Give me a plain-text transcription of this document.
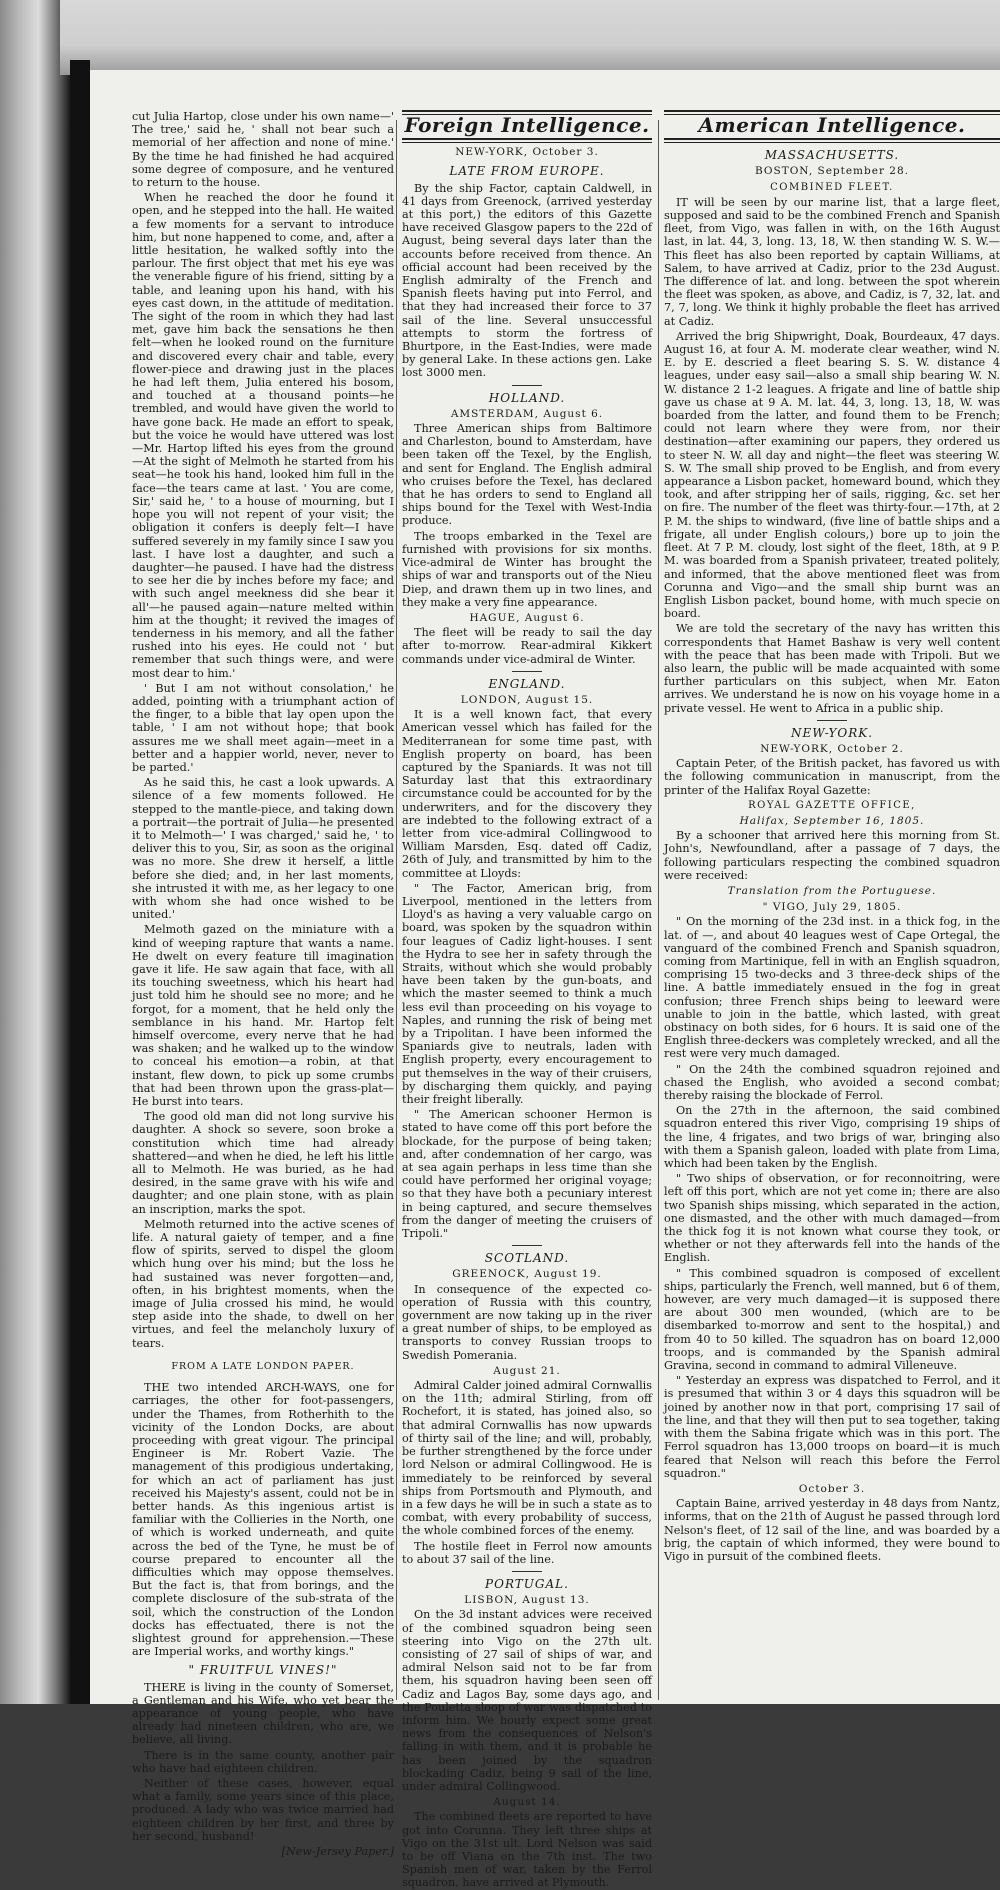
cut Julia Hartop, close under his own name—' The tree,' said he, ' shall not bear such a memorial of her affection and none of mine.' By the time he had finished he had acquired some degree of composure, and he ventured to return to the house.

When he reached the door he found it open, and he stepped into the hall. He waited a few moments for a servant to introduce him, but none happened to come, and, after a little hesitation, he walked softly into the parlour. The first object that met his eye was the venerable figure of his friend, sitting by a table, and leaning upon his hand, with his eyes cast down, in the attitude of meditation. The sight of the room in which they had last met, gave him back the sensations he then felt—when he looked round on the furniture and discovered every chair and table, every flower-piece and drawing just in the places he had left them, Julia entered his bosom, and touched at a thousand points—he trembled, and would have given the world to have gone back. He made an effort to speak, but the voice he would have uttered was lost—Mr. Hartop lifted his eyes from the ground —At the sight of Melmoth he started from his seat—he took his hand, looked him full in the face—the tears came at last. ' You are come, Sir,' said he, ' to a house of mourning, but I hope you will not repent of your visit; the obligation it confers is deeply felt—I have suffered severely in my family since I saw you last. I have lost a daughter, and such a daughter—he paused. I have had the distress to see her die by inches before my face; and with such angel meekness did she bear it all'—he paused again—nature melted within him at the thought; it revived the images of tenderness in his memory, and all the father rushed into his eyes. He could not ' but remember that such things were, and were most dear to him.'

' But I am not without consolation,' he added, pointing with a triumphant action of the finger, to a bible that lay open upon the table, ' I am not without hope; that book assures me we shall meet again—meet in a better and a happier world, never, never to be parted.'

As he said this, he cast a look upwards. A silence of a few moments followed. He stepped to the mantle-piece, and taking down a portrait—the portrait of Julia—he presented it to Melmoth—' I was charged,' said he, ' to deliver this to you, Sir, as soon as the original was no more. She drew it herself, a little before she died; and, in her last moments, she intrusted it with me, as her legacy to one with whom she had once wished to be united.'

Melmoth gazed on the miniature with a kind of weeping rapture that wants a name. He dwelt on every feature till imagination gave it life. He saw again that face, with all its touching sweetness, which his heart had just told him he should see no more; and he forgot, for a moment, that he held only the semblance in his hand. Mr. Hartop felt himself overcome, every nerve that he had was shaken; and he walked up to the window to conceal his emotion—a robin, at that instant, flew down, to pick up some crumbs that had been thrown upon the grass-plat—He burst into tears.

The good old man did not long survive his daughter. A shock so severe, soon broke a constitution which time had already shattered—and when he died, he left his little all to Melmoth. He was buried, as he had desired, in the same grave with his wife and daughter; and one plain stone, with as plain an inscription, marks the spot.

Melmoth returned into the active scenes of life. A natural gaiety of temper, and a fine flow of spirits, served to dispel the gloom which hung over his mind; but the loss he had sustained was never forgotten—and, often, in his brightest moments, when the image of Julia crossed his mind, he would step aside into the shade, to dwell on her virtues, and feel the melancholy luxury of tears.

FROM A LATE LONDON PAPER.

THE two intended ARCH-WAYS, one for carriages, the other for foot-passengers, under the Thames, from Rotherhith to the vicinity of the London Docks, are about proceeding with great vigour. The principal Engineer is Mr. Robert Vazie. The management of this prodigious undertaking, for which an act of parliament has just received his Majesty's assent, could not be in better hands. As this ingenious artist is familiar with the Collieries in the North, one of which is worked underneath, and quite across the bed of the Tyne, he must be of course prepared to encounter all the difficulties which may oppose themselves. But the fact is, that from borings, and the complete disclosure of the sub-strata of the soil, which the construction of the London docks has effectuated, there is not the slightest ground for apprehension.—These are Imperial works, and worthy kings."

" FRUITFUL VINES!"

THERE is living in the county of Somerset, a Gentleman and his Wife, who yet bear the appearance of young people, who have already had nineteen children, who are, we believe, all living.

There is in the same county, another pair who have had eighteen children.

Neither of these cases, however, equal what a family, some years since of this place, produced. A lady who was twice married had eighteen children by her first, and three by her second, husband!

[New-Jersey Paper.]
Foreign Intelligence.
NEW-YORK, October 3.
LATE FROM EUROPE.

By the ship Factor, captain Caldwell, in 41 days from Greenock, (arrived yesterday at this port,) the editors of this Gazette have received Glasgow papers to the 22d of August, being several days later than the accounts before received from thence. An official account had been received by the English admiralty of the French and Spanish fleets having put into Ferrol, and that they had increased their force to 37 sail of the line. Several unsuccessful attempts to storm the fortress of Bhurtpore, in the East-Indies, were made by general Lake. In these actions gen. Lake lost 3000 men.

HOLLAND.
AMSTERDAM, August 6.

Three American ships from Baltimore and Charleston, bound to Amsterdam, have been taken off the Texel, by the English, and sent for England. The English admiral who cruises before the Texel, has declared that he has orders to send to England all ships bound for the Texel with West-India produce.

The troops embarked in the Texel are furnished with provisions for six months. Vice-admiral de Winter has brought the ships of war and transports out of the Nieu Diep, and drawn them up in two lines, and they make a very fine appearance.

HAGUE, August 6.

The fleet will be ready to sail the day after to-morrow. Rear-admiral Kikkert commands under vice-admiral de Winter.

ENGLAND.
LONDON, August 15.

It is a well known fact, that every American vessel which has failed for the Mediterranean for some time past, with English property on board, has been captured by the Spaniards. It was not till Saturday last that this extraordinary circumstance could be accounted for by the underwriters, and for the discovery they are indebted to the following extract of a letter from vice-admiral Collingwood to William Marsden, Esq. dated off Cadiz, 26th of July, and transmitted by him to the committee at Lloyds:

" The Factor, American brig, from Liverpool, mentioned in the letters from Lloyd's as having a very valuable cargo on board, was spoken by the squadron within four leagues of Cadiz light-houses. I sent the Hydra to see her in safety through the Straits, without which she would probably have been taken by the gun-boats, and which the master seemed to think a much less evil than proceeding on his voyage to Naples, and running the risk of being met by a Tripolitan. I have been informed the Spaniards give to neutrals, laden with English property, every encouragement to put themselves in the way of their cruisers, by discharging them quickly, and paying their freight liberally.

" The American schooner Hermon is stated to have come off this port before the blockade, for the purpose of being taken; and, after condemnation of her cargo, was at sea again perhaps in less time than she could have performed her original voyage; so that they have both a pecuniary interest in being captured, and secure themselves from the danger of meeting the cruisers of Tripoli."

SCOTLAND.
GREENOCK, August 19.

In consequence of the expected co-operation of Russia with this country, government are now taking up in the river a great number of ships, to be employed as transports to convey Russian troops to Swedish Pomerania.

August 21.

Admiral Calder joined admiral Cornwallis on the 11th; admiral Stirling, from off Rochefort, it is stated, has joined also, so that admiral Cornwallis has now upwards of thirty sail of the line; and will, probably, be further strengthened by the force under lord Nelson or admiral Collingwood. He is immediately to be reinforced by several ships from Portsmouth and Plymouth, and in a few days he will be in such a state as to combat, with every probability of success, the whole combined forces of the enemy.

The hostile fleet in Ferrol now amounts to about 37 sail of the line.

PORTUGAL.
LISBON, August 13.

On the 3d instant advices were received of the combined squadron being seen steering into Vigo on the 27th ult. consisting of 27 sail of ships of war, and admiral Nelson said not to be far from them, his squadron having been seen off Cadiz and Lagos Bay, some days ago, and the Pouletta sloop of war was dispatched to inform him. We hourly expect some great news from the consequences of Nelson's falling in with them, and it is probable he has been joined by the squadron blockading Cadiz, being 9 sail of the line, under admiral Collingwood.

August 14.

The combined fleets are reported to have got into Corunna. They left three ships at Vigo on the 31st ult. Lord Nelson was said to be off Viana on the 7th inst. The two Spanish men of war, taken by the Ferrol squadron, have arrived at Plymouth.

American Intelligence.
MASSACHUSETTS.
BOSTON, September 28.
COMBINED FLEET.

IT will be seen by our marine list, that a large fleet, supposed and said to be the combined French and Spanish fleet, from Vigo, was fallen in with, on the 16th August last, in lat. 44, 3, long. 13, 18, W. then standing W. S. W.—This fleet has also been reported by captain Williams, at Salem, to have arrived at Cadiz, prior to the 23d August. The difference of lat. and long. between the spot wherein the fleet was spoken, as above, and Cadiz, is 7, 32, lat. and 7, 7, long. We think it highly probable the fleet has arrived at Cadiz.

Arrived the brig Shipwright, Doak, Bourdeaux, 47 days. August 16, at four A. M. moderate clear weather, wind N. E. by E. descried a fleet bearing S. S. W. distance 4 leagues, under easy sail—also a small ship bearing W. N. W. distance 2 1-2 leagues. A frigate and line of battle ship gave us chase at 9 A. M. lat. 44, 3, long. 13, 18, W. was boarded from the latter, and found them to be French; could not learn where they were from, nor their destination—after examining our papers, they ordered us to steer N. W. all day and night—the fleet was steering W. S. W. The small ship proved to be English, and from every appearance a Lisbon packet, homeward bound, which they took, and after stripping her of sails, rigging, &c. set her on fire. The number of the fleet was thirty-four.—17th, at 2 P. M. the ships to windward, (five line of battle ships and a frigate, all under English colours,) bore up to join the fleet. At 7 P. M. cloudy, lost sight of the fleet, 18th, at 9 P. M. was boarded from a Spanish privateer, treated politely, and informed, that the above mentioned fleet was from Corunna and Vigo—and the small ship burnt was an English Lisbon packet, bound home, with much specie on board.

We are told the secretary of the navy has written this correspondents that Hamet Bashaw is very well content with the peace that has been made with Tripoli. But we also learn, the public will be made acquainted with some further particulars on this subject, when Mr. Eaton arrives. We understand he is now on his voyage home in a private vessel. He went to Africa in a public ship.

NEW-YORK.
NEW-YORK, October 2.

Captain Peter, of the British packet, has favored us with the following communication in manuscript, from the printer of the Halifax Royal Gazette:

ROYAL GAZETTE OFFICE,
Halifax, September 16, 1805.

By a schooner that arrived here this morning from St. John's, Newfoundland, after a passage of 7 days, the following particulars respecting the combined squadron were received:

Translation from the Portuguese.
" VIGO, July 29, 1805.

" On the morning of the 23d inst. in a thick fog, in the lat. of —, and about 40 leagues west of Cape Ortegal, the vanguard of the combined French and Spanish squadron, coming from Martinique, fell in with an English squadron, comprising 15 two-decks and 3 three-deck ships of the line. A battle immediately ensued in the fog in great confusion; three French ships being to leeward were unable to join in the battle, which lasted, with great obstinacy on both sides, for 6 hours. It is said one of the English three-deckers was completely wrecked, and all the rest were very much damaged.

" On the 24th the combined squadron rejoined and chased the English, who avoided a second combat; thereby raising the blockade of Ferrol.

On the 27th in the afternoon, the said combined squadron entered this river Vigo, comprising 19 ships of the line, 4 frigates, and two brigs of war, bringing also with them a Spanish galeon, loaded with plate from Lima, which had been taken by the English.

" Two ships of observation, or for reconnoitring, were left off this port, which are not yet come in; there are also two Spanish ships missing, which separated in the action, one dismasted, and the other with much damaged—from the thick fog it is not known what course they took, or whether or not they afterwards fell into the hands of the English.

" This combined squadron is composed of excellent ships, particularly the French, well manned, but 6 of them, however, are very much damaged—it is supposed there are about 300 men wounded, (which are to be disembarked to-morrow and sent to the hospital,) and from 40 to 50 killed. The squadron has on board 12,000 troops, and is commanded by the Spanish admiral Gravina, second in command to admiral Villeneuve.

" Yesterday an express was dispatched to Ferrol, and it is presumed that within 3 or 4 days this squadron will be joined by another now in that port, comprising 17 sail of the line, and that they will then put to sea together, taking with them the Sabina frigate which was in this port. The Ferrol squadron has 13,000 troops on board—it is much feared that Nelson will reach this before the Ferrol squadron."

October 3.

Captain Baine, arrived yesterday in 48 days from Nantz, informs, that on the 21th of August he passed through lord Nelson's fleet, of 12 sail of the line, and was boarded by a brig, the captain of which informed, they were bound to Vigo in pursuit of the combined fleets.
